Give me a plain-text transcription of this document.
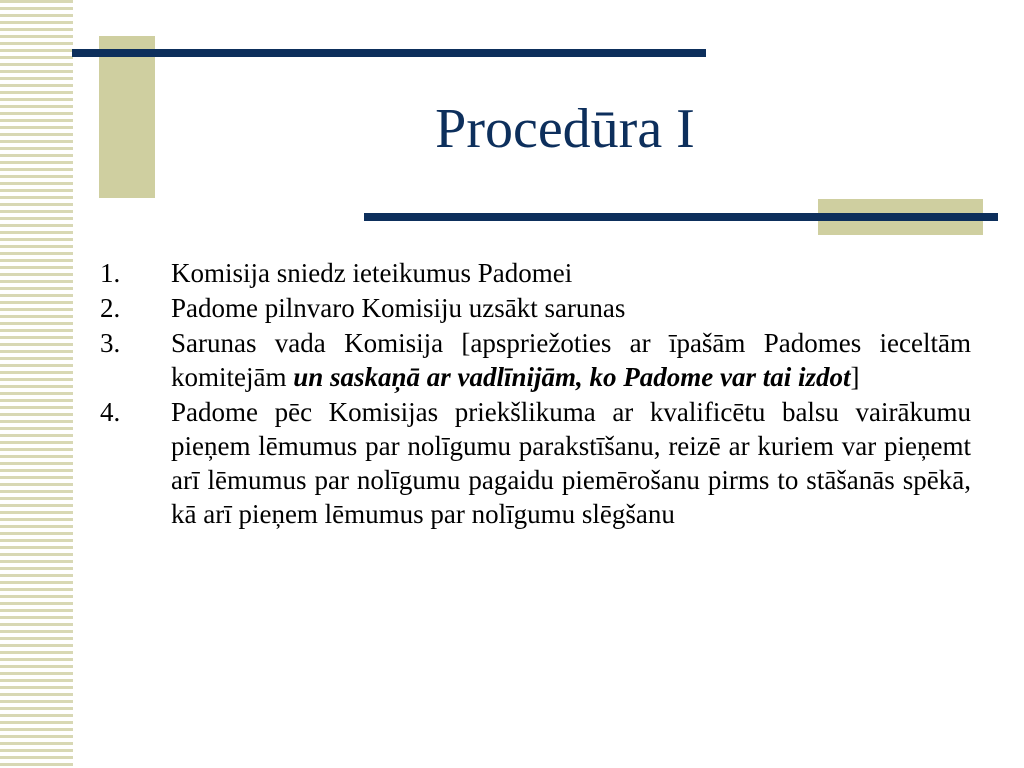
Procedūra I
1.	Komisija sniedz ieteikumus Padomei
2.	Padome pilnvaro Komisiju uzsākt sarunas
3.	Sarunas vada Komisija [apspriežoties ar īpašām Padomes ieceltām komitejām un saskaņā ar vadlīnijām, ko Padome var tai izdot]
4.	Padome pēc Komisijas priekšlikuma ar kvalificētu balsu vairākumu pieņem lēmumus par nolīgumu parakstīšanu, reizē ar kuriem var pieņemt arī lēmumus par nolīgumu pagaidu piemērošanu pirms to stāšanās spēkā, kā arī pieņem lēmumus par nolīgumu slēgšanu
